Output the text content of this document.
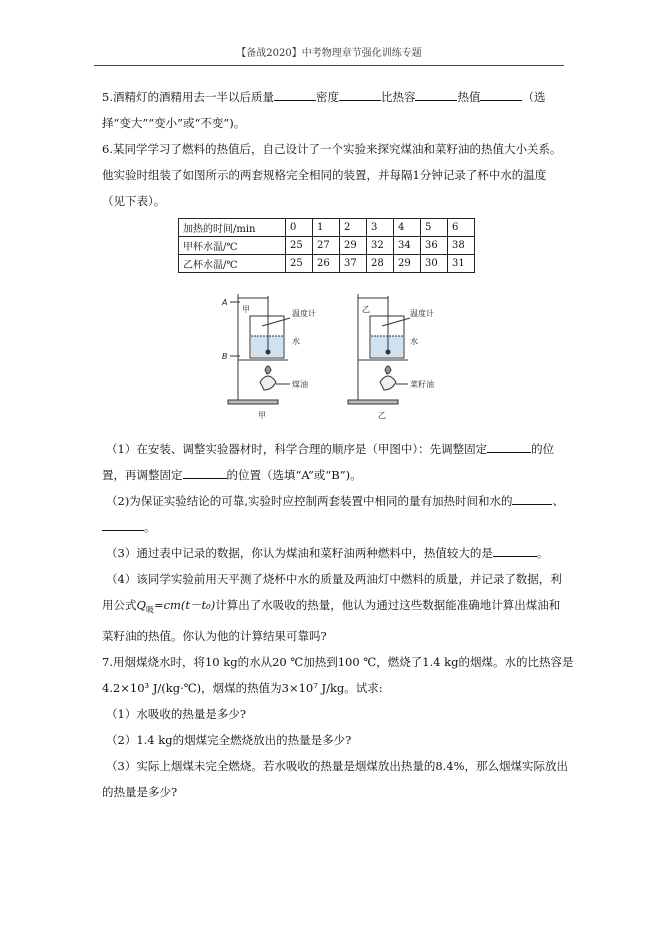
【备战2020】中考物理章节强化训练专题
5.酒精灯的酒精用去一半以后质量	密度	比热容	热值	（选
择“变大”“变小”或“不变”)。
6.某同学学习了燃料的热值后，自己设计了一个实验来探究煤油和菜籽油的热值大小关系。
他实验时组装了如图所示的两套规格完全相同的装置，并每隔1分钟记录了杯中水的温度
（见下表）。
加热的时间/min	0	1	2	3	4	5	6
甲杯水温/℃	25	27	29	32	34	36	38
乙杯水温/℃	25	26	37	28	29	30	31
A
B
甲	温度计
水
煤油
甲
乙	温度计
水
菜籽油
乙
（1）在安装、调整实验器材时，科学合理的顺序是（甲图中）：先调整固定	的位
置，再调整固定	的位置（选填“A”或“B”)。
（2)为保证实验结论的可靠,实验时应控制两套装置中相同的量有加热时间和水的	、
。
（3）通过表中记录的数据，你认为煤油和菜籽油两种燃料中，热值较大的是	。
（4）该同学实验前用天平测了烧杯中水的质量及两油灯中燃料的质量，并记录了数据，利
用公式$Q_吸=cm(t-t_0)$计算出了水吸收的热量，他认为通过这些数据能准确地计算出煤油和
菜籽油的热值。你认为他的计算结果可靠吗?
7.用烟煤烧水时，将10 kg的水从20 ℃加热到100 ℃，燃烧了1.4 kg的烟煤。水的比热容是
4.2×10³ J/(kg·℃)，烟煤的热值为3×10⁷ J/kg。试求:
（1）水吸收的热量是多少?
（2）1.4 kg的烟煤完全燃烧放出的热量是多少?
（3）实际上烟煤未完全燃烧。若水吸收的热量是烟煤放出热量的8.4%，那么烟煤实际放出
的热量是多少?
